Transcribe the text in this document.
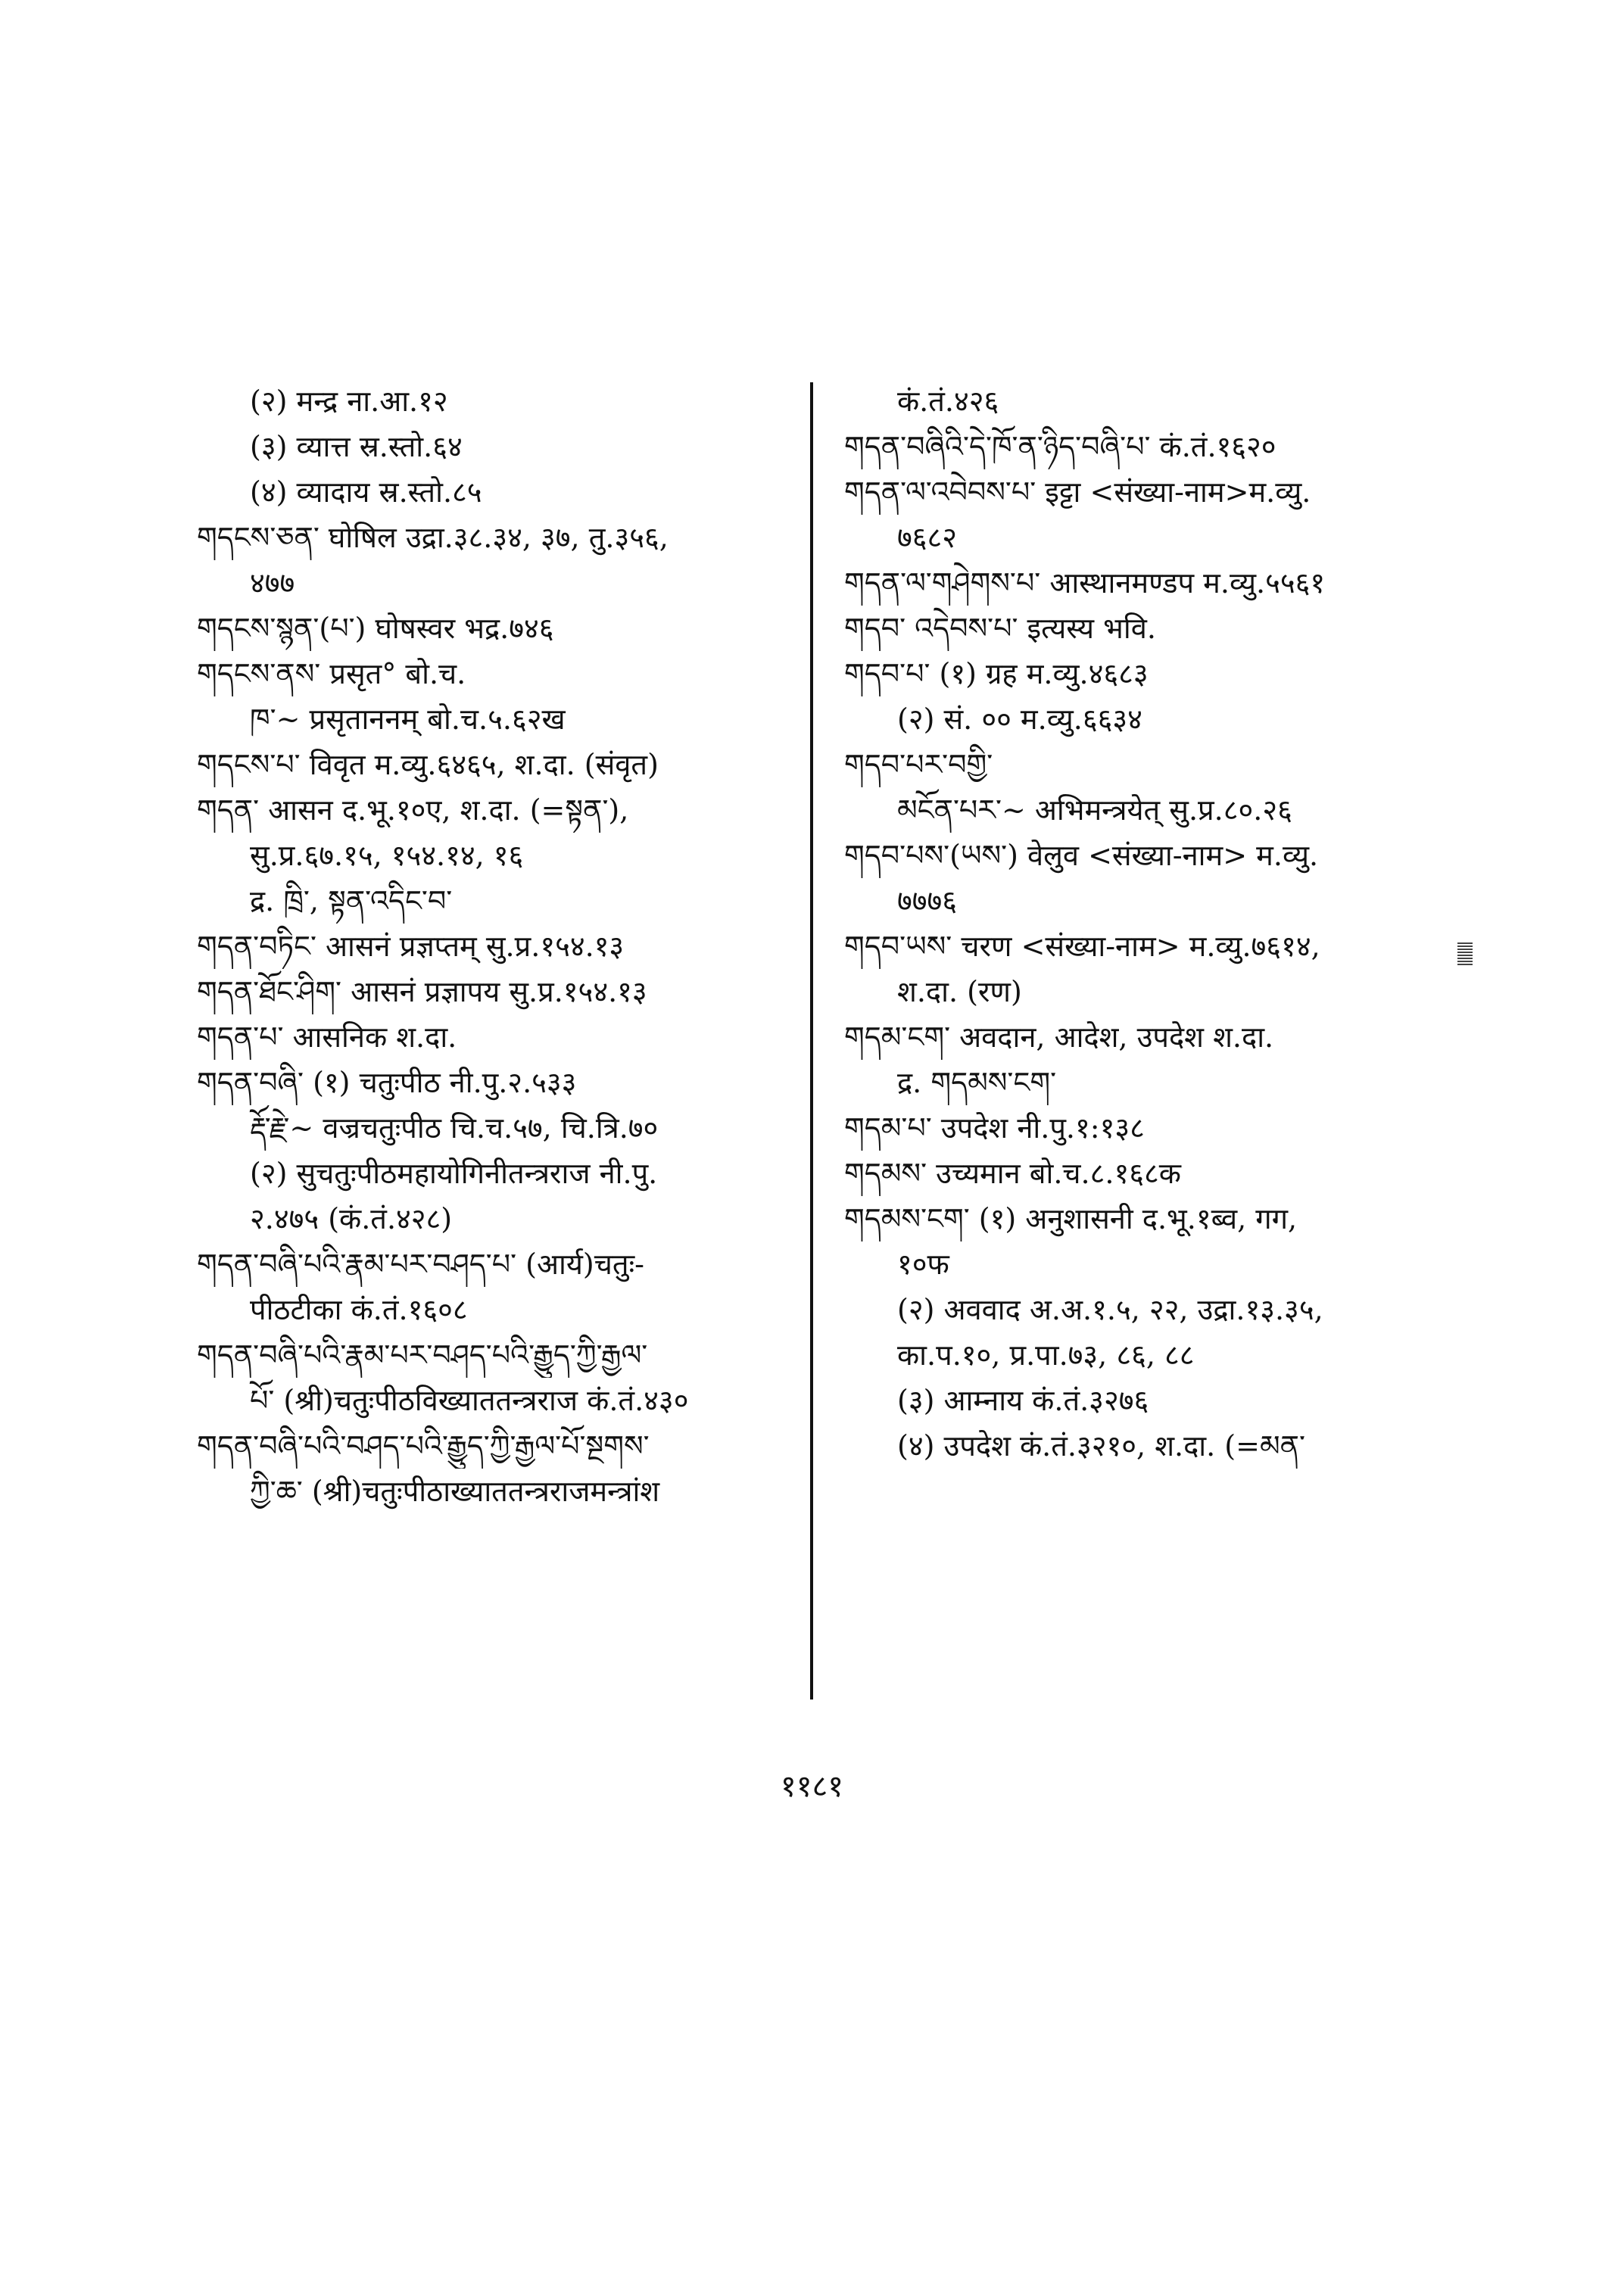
(२) मन्द्र ना.आ.१२
(३) व्यात्त स्र.स्तो.६४
(४) व्यादाय स्र.स्तो.८५
གདངས་ཅན་ घोषिल उद्रा.३८.३४, ३७, तु.३५६,
४७७
གདངས་སྙན་(པ་) घोषस्वर भद्र.७४६
གདངས་ནས་ प्रसृत° बो.च.
ཁ་~ प्रसृताननम् बो.च.५.६२ख
གདངས་པ་ विवृत म.व्यु.६४६५, श.दा. (संवृत)
གདན་ आसन द.भू.१०ए, श.दा. (=སྟན་),
सु.प्र.६७.१५, १५४.१४, १६
द्र. ཁྲི་, སྟན་འདིང་བ་
གདན་བཏིང་ आसनं प्रज्ञप्तम् सु.प्र.१५४.१३
གདན་ཐོང་ཤིག་ आसनं प्रज्ञापय सु.प्र.१५४.१३
གདན་པ་ आसनिक श.दा.
གདན་བཞི་ (१) चतुःपीठ नी.पु.२.५३३
རྡོ་རྗེ་~ वज्रचतुःपीठ चि.च.५७, चि.त्रि.७०
(२) सुचतुःपीठमहायोगिनीतन्त्रराज नी.पु.
२.४७५ (कं.तं.४२८)
གདན་བཞི་པའི་རྣམ་པར་བཤད་པ་ (आर्य)चतुः-
पीठटीका कं.तं.१६०८
གདན་བཞི་པའི་རྣམ་པར་བཤད་པའི་རྒྱུད་ཀྱི་རྒྱལ་
པོ་ (श्री)चतुःपीठविख्याततन्त्रराज कं.तं.४३०
གདན་བཞི་པའི་བཤད་པའི་རྒྱུད་ཀྱི་རྒྱལ་པོ་སྔགས་
ཀྱི་ཆ་ (श्री)चतुःपीठाख्याततन्त्रराजमन्त्रांश
कं.तं.४२६
གདན་བཞིའི་དེ་ཁོ་ན་ཉིད་བཞི་པ་ कं.तं.१६२०
གདན་ལ་འབེབས་པ་ इट्टा <संख्या-नाम>म.व्यु.
७६८२
གདན་ལ་གཤེགས་པ་ आस्थानमण्डप म.व्यु.५५६१
གདབ་ འདེབས་པ་ इत्यस्य भवि.
གདབ་པ་ (१) ग्रह म.व्यु.४६८३
(२) सं. ०० म.व्यु.६६३४
གདབ་པར་བགྱི་
མངོན་པར་~ अभिमन्त्रयेत् सु.प्र.८०.२६
གདབ་པས་(ཡས་) वेलुव <संख्या-नाम> म.व्यु.
७७७६
གདབ་ཡས་ चरण <संख्या-नाम> म.व्यु.७६१४,
श.दा. (रण)
གདམ་ངག་ अवदान, आदेश, उपदेश श.दा.
द्र. གདམས་ངག་
གདམ་པ་ उपदेश नी.पु.१:१३८
གདམས་ उच्यमान बो.च.८.१६८क
གདམས་ངག་ (१) अनुशासनी द.भू.१ब्व, गग,
१०फ
(२) अववाद अ.अ.१.५, २२, उद्रा.१३.३५,
का.प.१०, प्र.पा.७३, ८६, ८८
(३) आम्नाय कं.तं.३२७६
(४) उपदेश कं.तं.३२१०, श.दा. (=མན་
११८१
